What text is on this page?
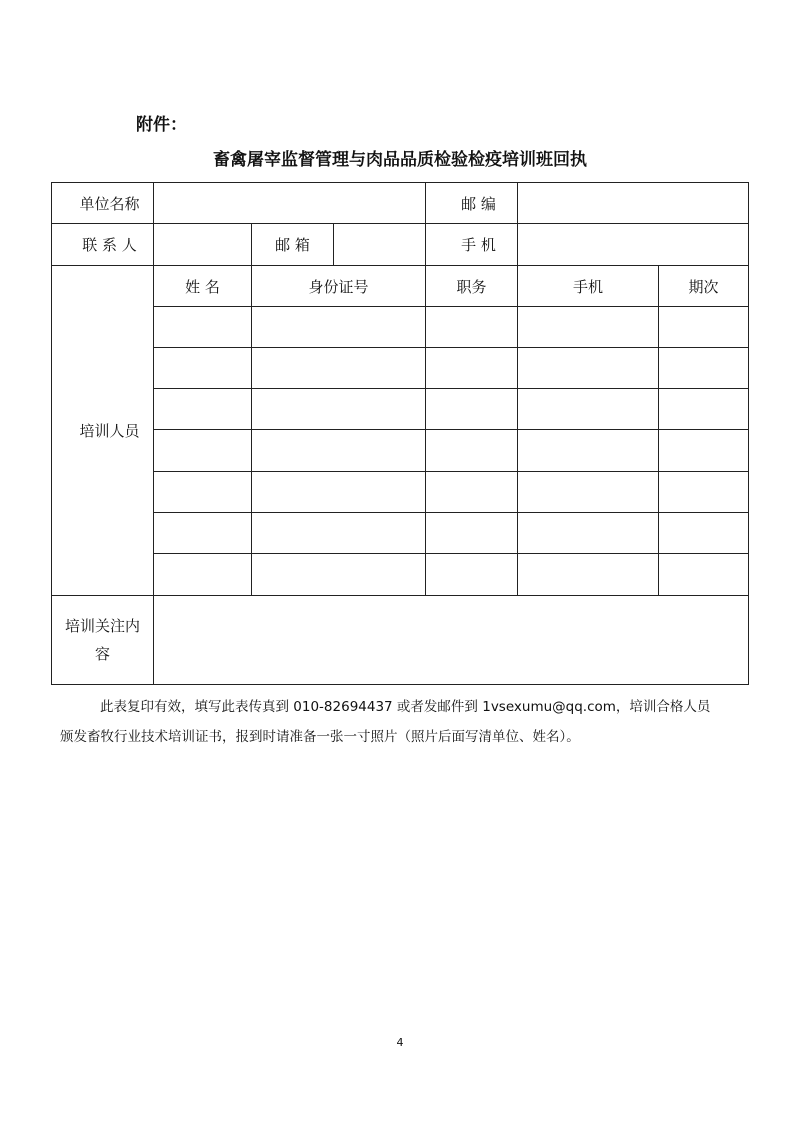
附件：
畜禽屠宰监督管理与肉品品质检验检疫培训班回执
单位名称				邮 编		
联 系 人		邮 箱		手 机		
培训人员	姓 名	身份证号		职务	手机	期次

培训关注内容						

此表复印有效，填写此表传真到 010-82694437 或者发邮件到 1vsexumu@qq.com，培训合格人员颁发畜牧行业技术培训证书，报到时请准备一张一寸照片（照片后面写清单位、姓名）。

4
